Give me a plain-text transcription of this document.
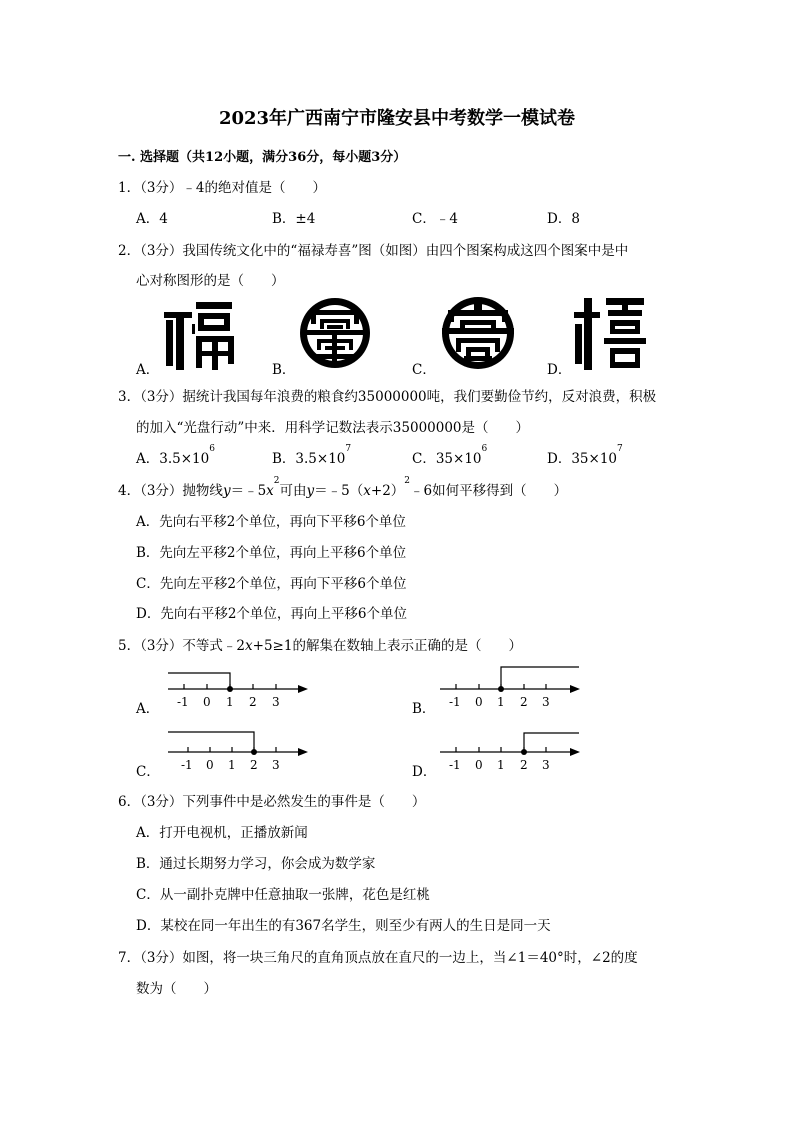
2023年广西南宁市隆安县中考数学一模试卷
一. 选择题（共12小题，满分36分，每小题3分）
1．（3分）﹣4的绝对值是（　　）
A．4	B．±4	C．﹣4	D．8
2．（3分）我国传统文化中的“福禄寿喜”图（如图）由四个图案构成这四个图案中是中
心对称图形的是（　　）
A．	B．	C．	D．
3．（3分）据统计我国每年浪费的粮食约35000000吨，我们要勤俭节约，反对浪费，积极
的加入“光盘行动”中来．用科学记数法表示35000000是（　　）
A．$3.5\times 10^6$
B．$3.5\times 10^7$
C．$35\times 10^6$
D．$35\times 10^7$
4．（3分）抛物线$y=﹣5x^2$可由$y=﹣5(x+2)^2﹣6$如何平移得到（　　）
A．先向右平移2个单位，再向下平移6个单位
B．先向左平移2个单位，再向上平移6个单位
C．先向左平移2个单位，再向下平移6个单位
D．先向右平移2个单位，再向上平移6个单位
5．（3分）不等式﹣2x+5≥1的解集在数轴上表示正确的是（　　）
A．	B．
C．	D．
-1 0 1 2 3	-1 0 1 2 3
-1 0 1 2 3	-1 0 1 2 3
6．（3分）下列事件中是必然发生的事件是（　　）
A．打开电视机，正播放新闻
B．通过长期努力学习，你会成为数学家
C．从一副扑克牌中任意抽取一张牌，花色是红桃
D．某校在同一年出生的有367名学生，则至少有两人的生日是同一天
7．（3分）如图，将一块三角尺的直角顶点放在直尺的一边上，当∠1＝40°时，∠2的度
数为（　　）
